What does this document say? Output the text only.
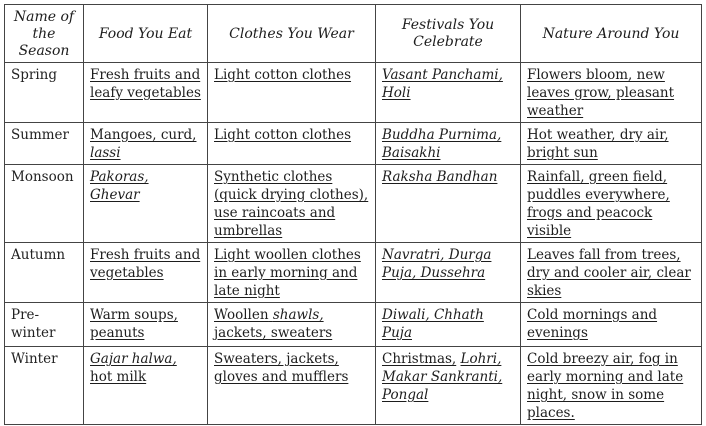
Name of the Season	Food You Eat	Clothes You Wear	Festivals You Celebrate	Nature Around You
Spring	Fresh fruits and leafy vegetables	Light cotton clothes	Vasant Panchami, Holi	Flowers bloom, new leaves grow, pleasant weather
Summer	Mangoes, curd, lassi	Light cotton clothes	Buddha Purnima, Baisakhi	Hot weather, dry air, bright sun
Monsoon	Pakoras, Ghevar	Synthetic clothes (quick drying clothes), use raincoats and umbrellas	Raksha Bandhan	Rainfall, green field, puddles everywhere, frogs and peacock visible
Autumn	Fresh fruits and vegetables	Light woollen clothes in early morning and late night	Navratri, Durga Puja, Dussehra	Leaves fall from trees, dry and cooler air, clear skies
Pre-winter	Warm soups, peanuts	Woollen shawls, jackets, sweaters	Diwali, Chhath Puja	Cold mornings and evenings
Winter	Gajar halwa, hot milk	Sweaters, jackets, gloves and mufflers	Christmas, Lohri, Makar Sankranti, Pongal	Cold breezy air, fog in early morning and late night, snow in some places.
